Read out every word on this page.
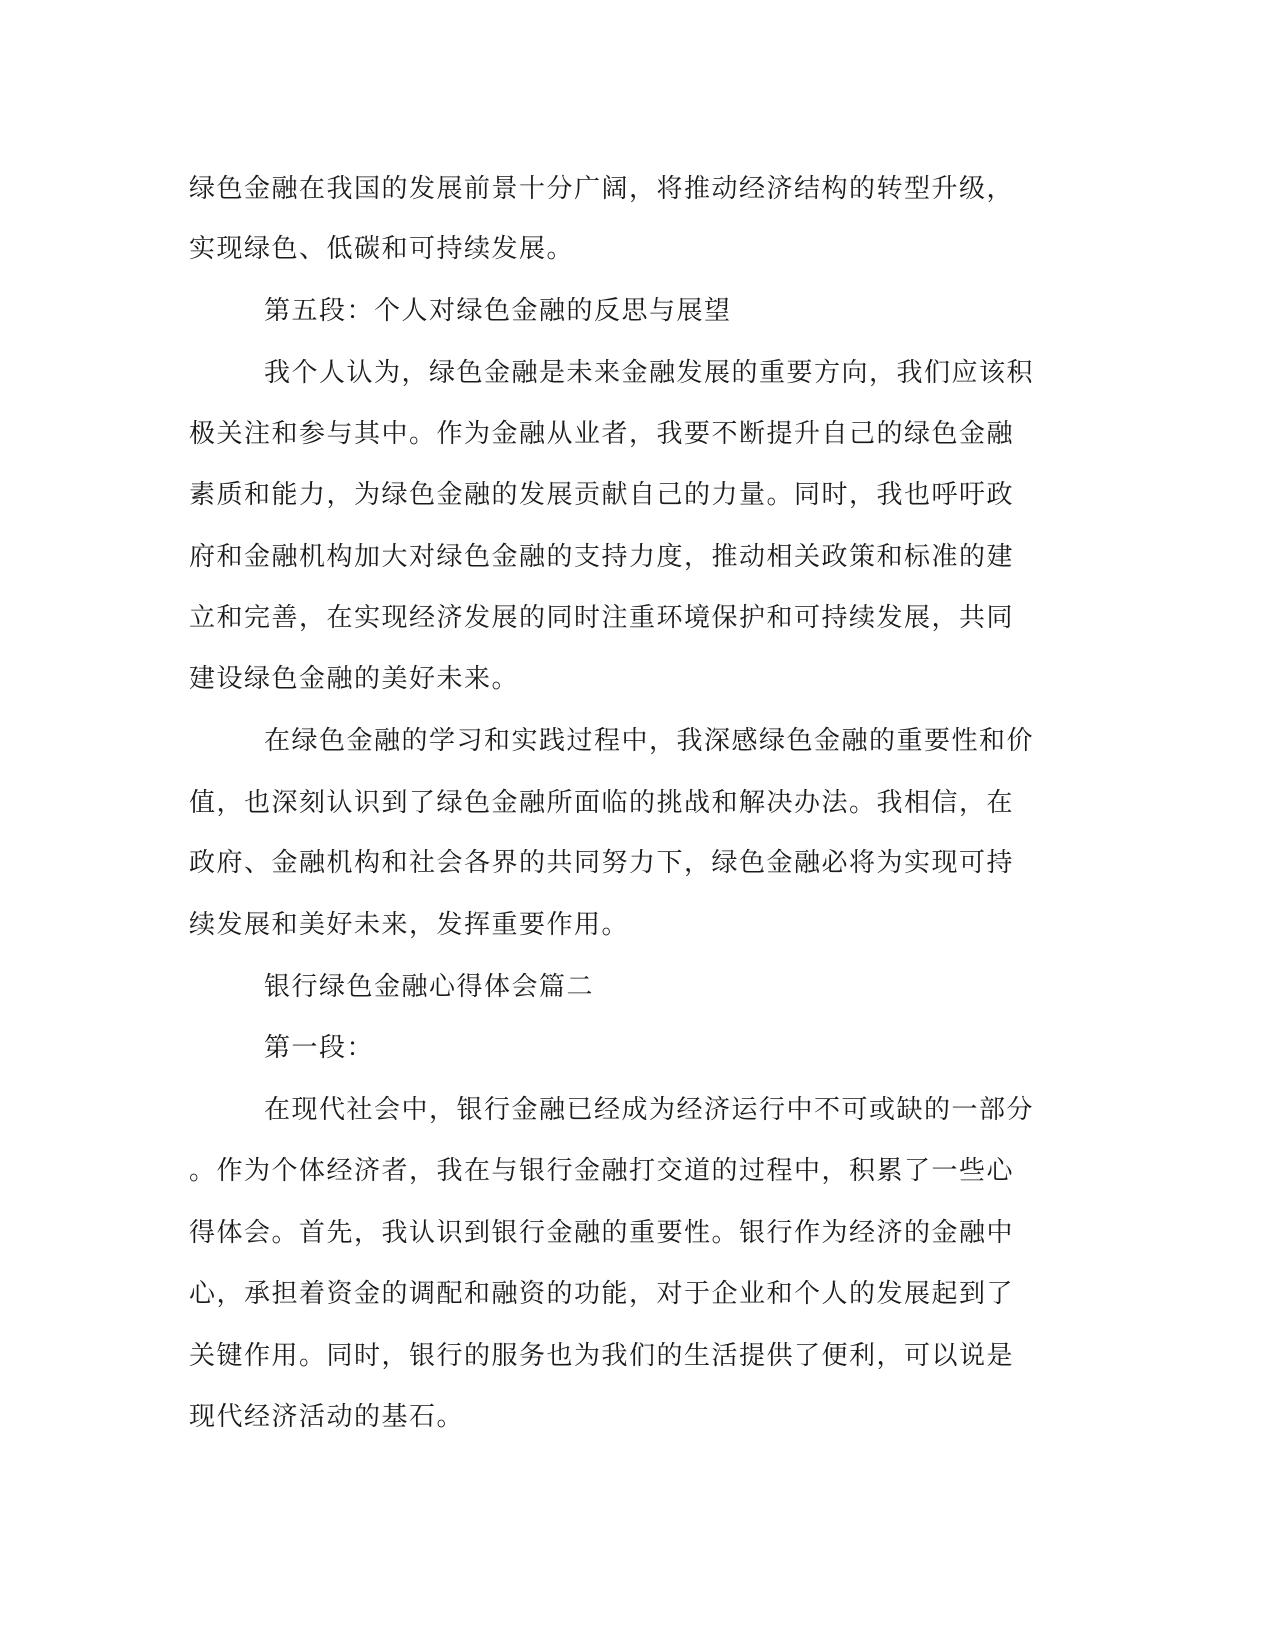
绿色金融在我国的发展前景十分广阔，将推动经济结构的转型升级，
实现绿色、低碳和可持续发展。
第五段：个人对绿色金融的反思与展望
我个人认为，绿色金融是未来金融发展的重要方向，我们应该积
极关注和参与其中。作为金融从业者，我要不断提升自己的绿色金融
素质和能力，为绿色金融的发展贡献自己的力量。同时，我也呼吁政
府和金融机构加大对绿色金融的支持力度，推动相关政策和标准的建
立和完善，在实现经济发展的同时注重环境保护和可持续发展，共同
建设绿色金融的美好未来。
在绿色金融的学习和实践过程中，我深感绿色金融的重要性和价
值，也深刻认识到了绿色金融所面临的挑战和解决办法。我相信，在
政府、金融机构和社会各界的共同努力下，绿色金融必将为实现可持
续发展和美好未来，发挥重要作用。
银行绿色金融心得体会篇二
第一段：
在现代社会中，银行金融已经成为经济运行中不可或缺的一部分
。作为个体经济者，我在与银行金融打交道的过程中，积累了一些心
得体会。首先，我认识到银行金融的重要性。银行作为经济的金融中
心，承担着资金的调配和融资的功能，对于企业和个人的发展起到了
关键作用。同时，银行的服务也为我们的生活提供了便利，可以说是
现代经济活动的基石。
